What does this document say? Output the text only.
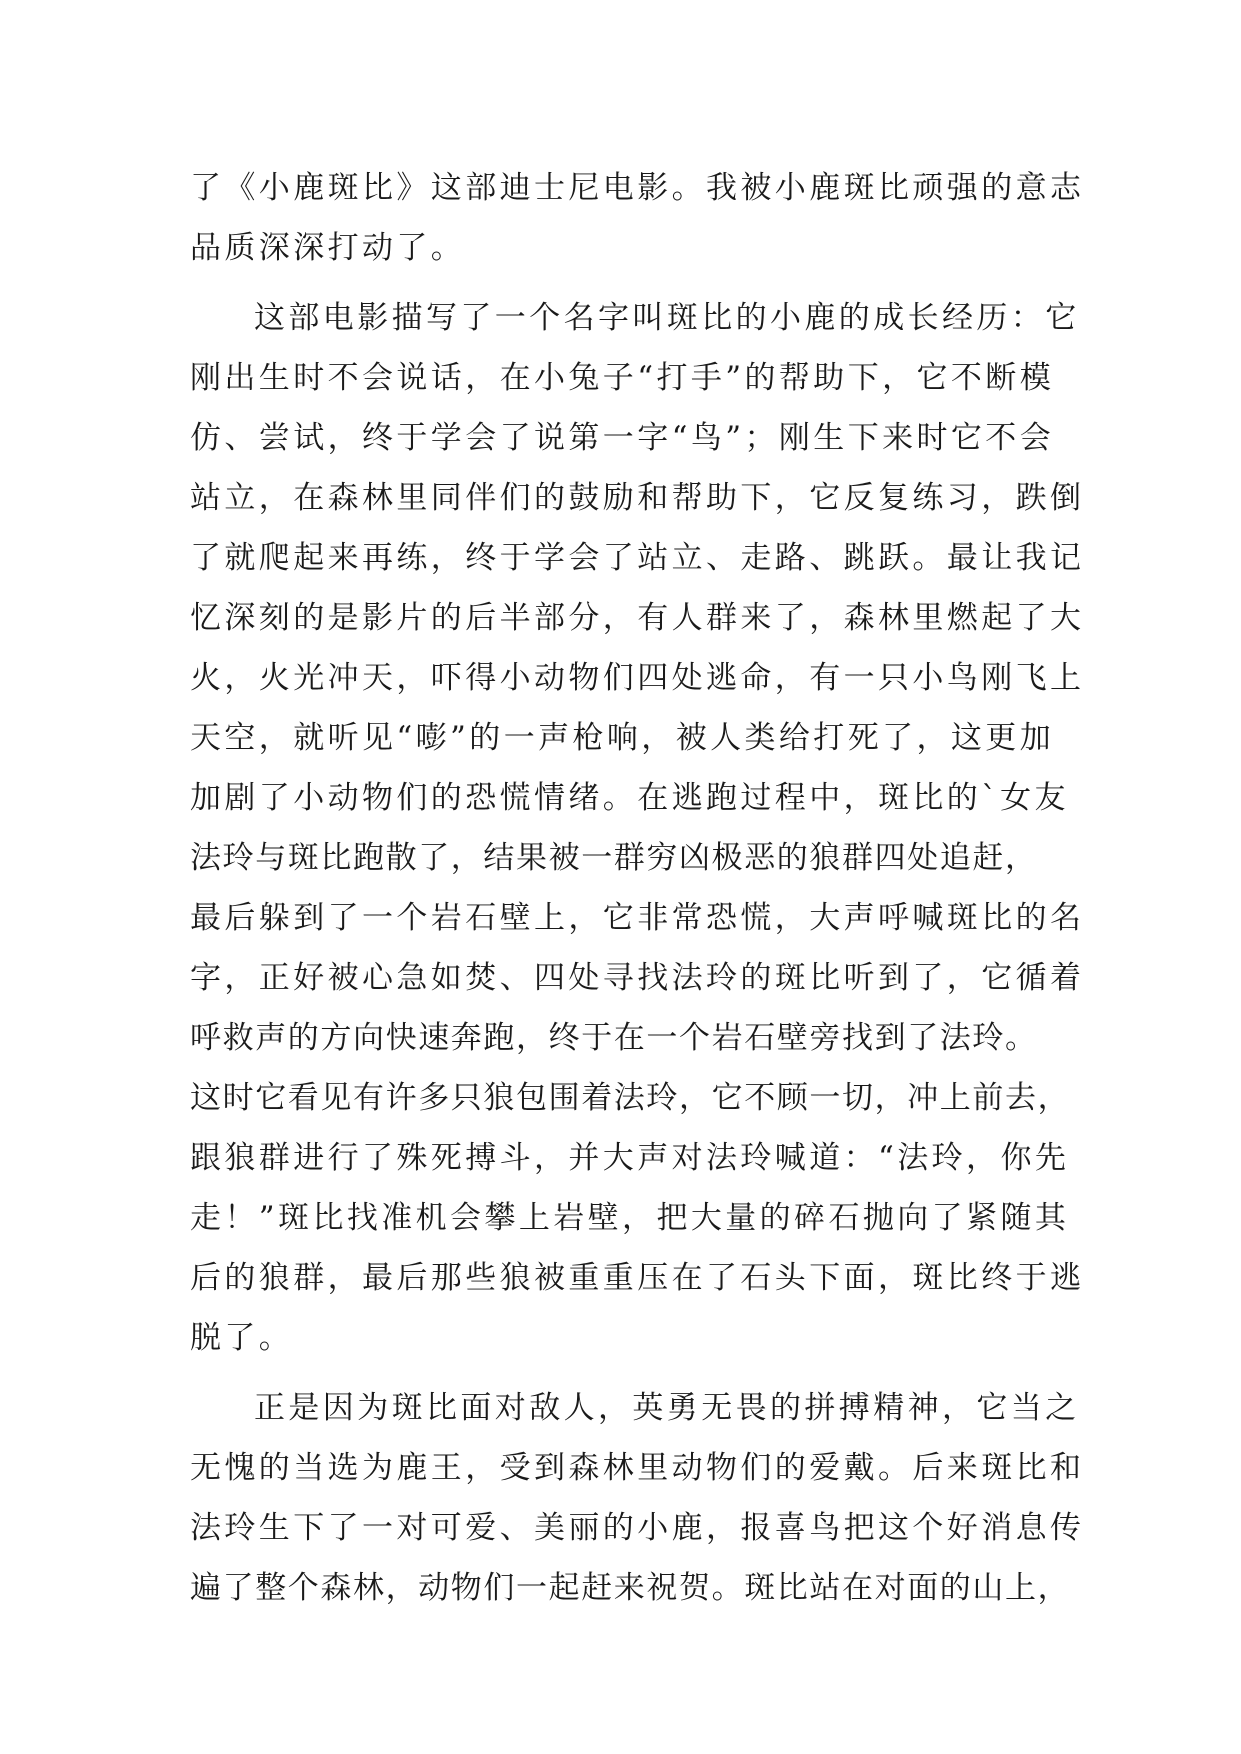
了《小鹿斑比》这部迪士尼电影。我被小鹿斑比顽强的意志
品质深深打动了。
这部电影描写了一个名字叫斑比的小鹿的成长经历：它
刚出生时不会说话，在小兔子“打手”的帮助下，它不断模
仿、尝试，终于学会了说第一字“鸟”；刚生下来时它不会
站立，在森林里同伴们的鼓励和帮助下，它反复练习，跌倒
了就爬起来再练，终于学会了站立、走路、跳跃。最让我记
忆深刻的是影片的后半部分，有人群来了，森林里燃起了大
火，火光冲天，吓得小动物们四处逃命，有一只小鸟刚飞上
天空，就听见“嘭”的一声枪响，被人类给打死了，这更加
加剧了小动物们的恐慌情绪。在逃跑过程中，斑比的`女友
法玲与斑比跑散了，结果被一群穷凶极恶的狼群四处追赶，
最后躲到了一个岩石壁上，它非常恐慌，大声呼喊斑比的名
字，正好被心急如焚、四处寻找法玲的斑比听到了，它循着
呼救声的方向快速奔跑，终于在一个岩石壁旁找到了法玲。
这时它看见有许多只狼包围着法玲，它不顾一切，冲上前去，
跟狼群进行了殊死搏斗，并大声对法玲喊道：“法玲，你先
走！”斑比找准机会攀上岩壁，把大量的碎石抛向了紧随其
后的狼群，最后那些狼被重重压在了石头下面，斑比终于逃
脱了。
正是因为斑比面对敌人，英勇无畏的拼搏精神，它当之
无愧的当选为鹿王，受到森林里动物们的爱戴。后来斑比和
法玲生下了一对可爱、美丽的小鹿，报喜鸟把这个好消息传
遍了整个森林，动物们一起赶来祝贺。斑比站在对面的山上，
